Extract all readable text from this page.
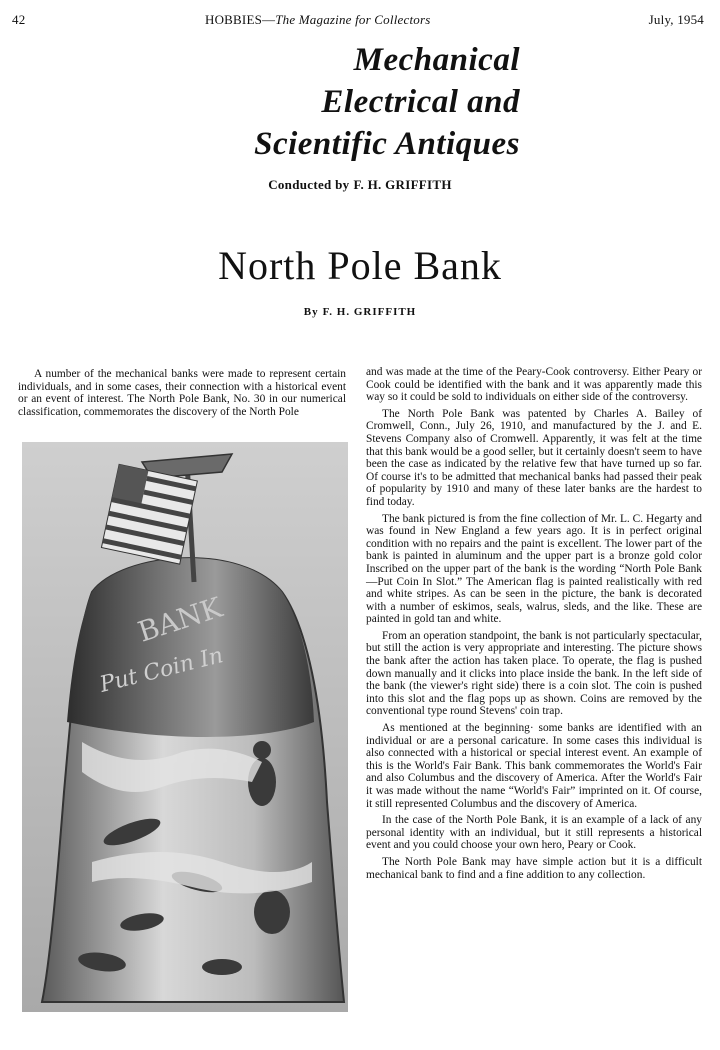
42	HOBBIES—The Magazine for Collectors	July, 1954
Mechanical
Electrical and
Scientific Antiques
Conducted by F. H. GRIFFITH
North Pole Bank
By F. H. GRIFFITH

A number of the mechanical banks were made to represent certain individuals, and in some cases, their connection with a historical event or an event of interest. The North Pole Bank, No. 30 in our numerical classification, commemorates the discovery of the North Pole

BANK
Put Coin In

and was made at the time of the Peary-Cook controversy. Either Peary or Cook could be identified with the bank and it was apparently made this way so it could be sold to individuals on either side of the controversy.

The North Pole Bank was patented by Charles A. Bailey of Cromwell, Conn., July 26, 1910, and manufactured by the J. and E. Stevens Company also of Cromwell. Apparently, it was felt at the time that this bank would be a good seller, but it certainly doesn't seem to have been the case as indicated by the relative few that have turned up so far. Of course it's to be admitted that mechanical banks had passed their peak of popularity by 1910 and many of these later banks are the hardest to find today.

The bank pictured is from the fine collection of Mr. L. C. Hegarty and was found in New England a few years ago. It is in perfect original condition with no repairs and the paint is excellent. The lower part of the bank is painted in aluminum and the upper part is a bronze gold color Inscribed on the upper part of the bank is the wording “North Pole Bank—Put Coin In Slot.” The American flag is painted realistically with red and white stripes. As can be seen in the picture, the bank is decorated with a number of eskimos, seals, walrus, sleds, and the like. These are painted in gold tan and white.

From an operation standpoint, the bank is not particularly spectacular, but still the action is very appropriate and interesting. The picture shows the bank after the action has taken place. To operate, the flag is pushed down manually and it clicks into place inside the bank. In the left side of the bank (the viewer's right side) there is a coin slot. The coin is pushed into this slot and the flag pops up as shown. Coins are removed by the conventional type round Stevens' coin trap.

As mentioned at the beginning· some banks are identified with an individual or are a personal caricature. In some cases this individual is also connected with a historical or special interest event. An example of this is the World's Fair Bank. This bank commemorates the World's Fair and also Columbus and the discovery of America. After the World's Fair it was made without the name “World's Fair” imprinted on it. Of course, it still represented Columbus and the discovery of America.

In the case of the North Pole Bank, it is an example of a lack of any personal identity with an individual, but it still represents a historical event and you could choose your own hero, Peary or Cook.

The North Pole Bank may have simple action but it is a difficult mechanical bank to find and a fine addition to any collection.
